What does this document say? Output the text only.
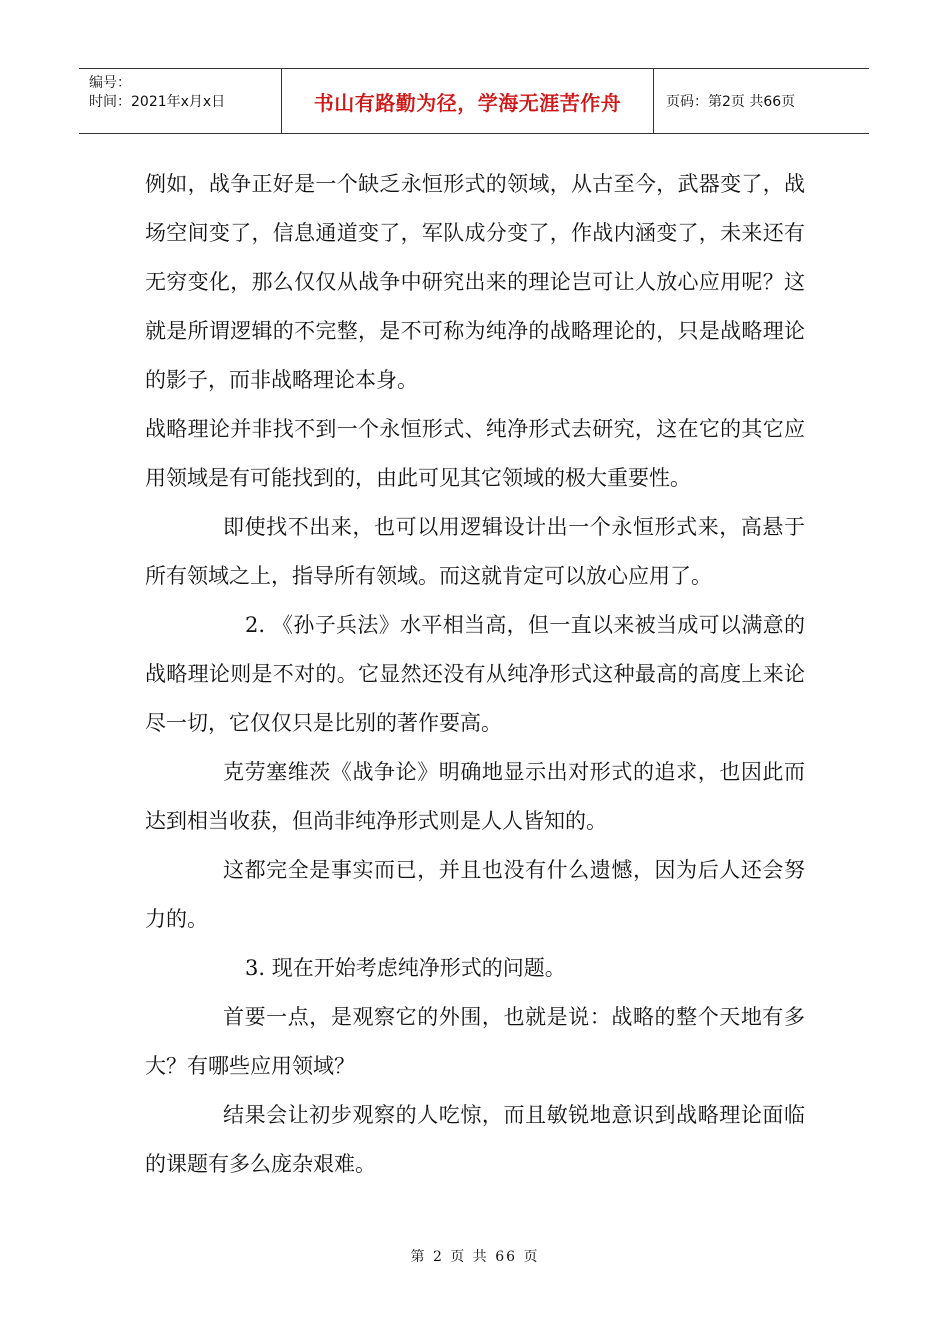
编号：
时间：2021年x月x日	书山有路勤为径，学海无涯苦作舟	页码：第2页 共66页

例如，战争正好是一个缺乏永恒形式的领域，从古至今，武器变了，战场空间变了，信息通道变了，军队成分变了，作战内涵变了，未来还有无穷变化，那么仅仅从战争中研究出来的理论岂可让人放心应用呢？这就是所谓逻辑的不完整，是不可称为纯净的战略理论的，只是战略理论的影子，而非战略理论本身。

战略理论并非找不到一个永恒形式、纯净形式去研究，这在它的其它应用领域是有可能找到的，由此可见其它领域的极大重要性。

即使找不出来，也可以用逻辑设计出一个永恒形式来，高悬于所有领域之上，指导所有领域。而这就肯定可以放心应用了。

2. 《孙子兵法》水平相当高，但一直以来被当成可以满意的战略理论则是不对的。它显然还没有从纯净形式这种最高的高度上来论尽一切，它仅仅只是比别的著作要高。

克劳塞维茨《战争论》明确地显示出对形式的追求，也因此而达到相当收获，但尚非纯净形式则是人人皆知的。

这都完全是事实而已，并且也没有什么遗憾，因为后人还会努力的。

3. 现在开始考虑纯净形式的问题。

首要一点，是观察它的外围，也就是说：战略的整个天地有多大？有哪些应用领域？

结果会让初步观察的人吃惊，而且敏锐地意识到战略理论面临的课题有多么庞杂艰难。

第 2 页 共 66 页
